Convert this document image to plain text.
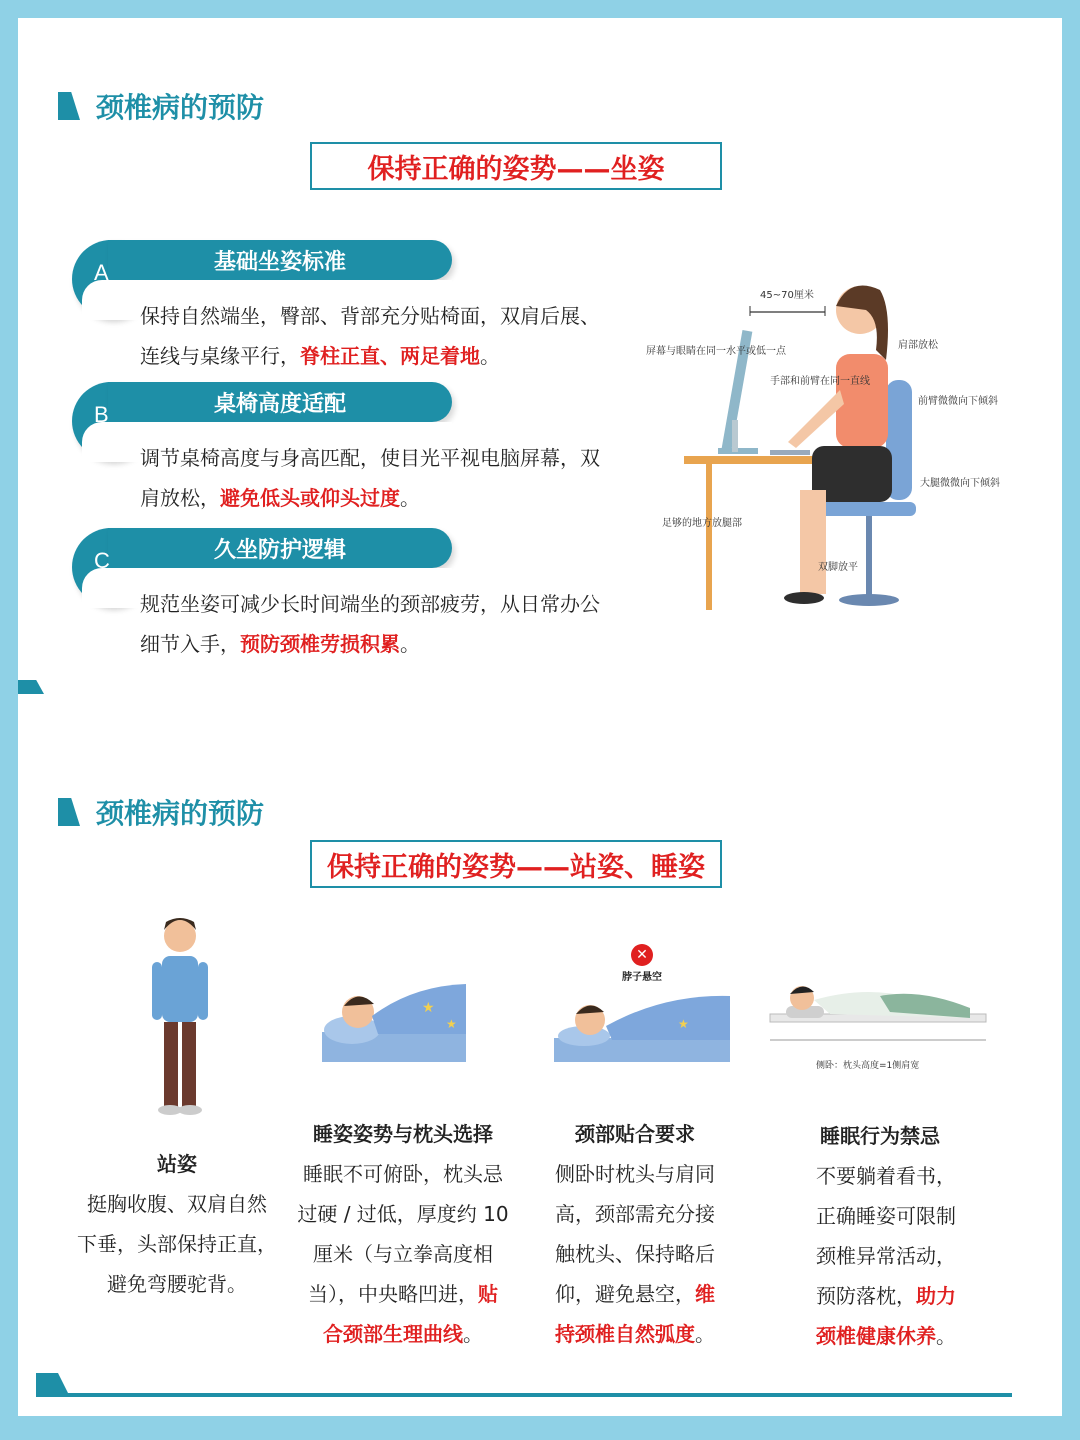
颈椎病的预防
保持正确的姿势——坐姿
基础坐姿标准
A
保持自然端坐，臀部、背部充分贴椅面，双肩后展、连线与桌缘平行，脊柱正直、两足着地。
桌椅高度适配
B
调节桌椅高度与身高匹配，使目光平视电脑屏幕，双肩放松，避免低头或仰头过度。
久坐防护逻辑
C
规范坐姿可减少长时间端坐的颈部疲劳，从日常办公细节入手，预防颈椎劳损积累。
45~70厘米
屏幕与眼睛在同一水平或低一点
手部和前臂在同一直线
肩部放松
前臂微微向下倾斜
大腿微微向下倾斜
足够的地方放腿部
双脚放平
颈椎病的预防
保持正确的姿势——站姿、睡姿
★
★
✕
脖子悬空
★
侧卧：枕头高度=1侧肩宽
站姿
挺胸收腹、双肩自然
下垂，头部保持正直，
避免弯腰驼背。
睡姿姿势与枕头选择
睡眠不可俯卧，枕头忌
过硬 / 过低，厚度约 10
厘米（与立拳高度相
当），中央略凹进，贴
合颈部生理曲线。
颈部贴合要求
侧卧时枕头与肩同
高，颈部需充分接
触枕头、保持略后
仰，避免悬空，维
持颈椎自然弧度。
睡眠行为禁忌
不要躺着看书，
正确睡姿可限制
颈椎异常活动，
预防落枕，助力
颈椎健康休养。
